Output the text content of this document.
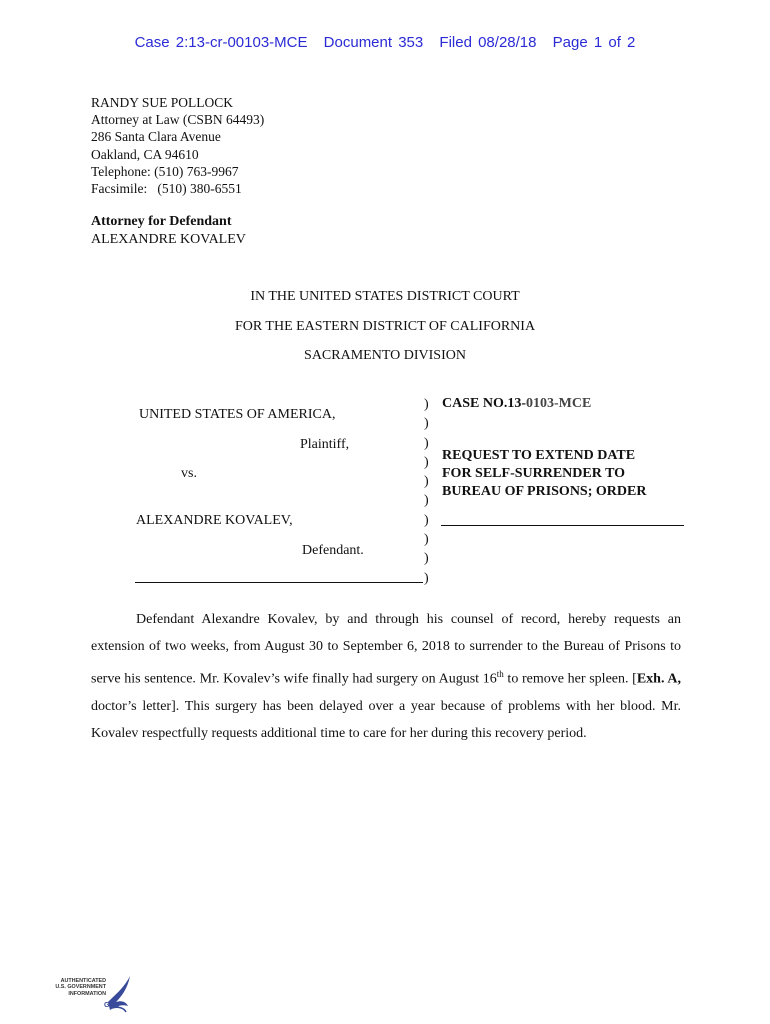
Case 2:13-cr-00103-MCE Document 353 Filed 08/28/18 Page 1 of 2
RANDY SUE POLLOCK
Attorney at Law (CSBN 64493)
286 Santa Clara Avenue
Oakland, CA 94610
Telephone: (510) 763-9967
Facsimile:   (510) 380-6551
Attorney for Defendant
ALEXANDRE KOVALEV
IN THE UNITED STATES DISTRICT COURT
FOR THE EASTERN DISTRICT OF CALIFORNIA
SACRAMENTO DIVISION
UNITED STATES OF AMERICA,
Plaintiff,
vs.
ALEXANDRE KOVALEV,
Defendant.
)
)
)
)
)
)
)
)
)
)
CASE NO.13-0103-MCE
REQUEST TO EXTEND DATE
FOR SELF-SURRENDER TO
BUREAU OF PRISONS; ORDER

Defendant Alexandre Kovalev, by and through his counsel of record, hereby requests an extension of two weeks, from August 30 to September 6, 2018 to surrender to the Bureau of Prisons to serve his sentence. Mr. Kovalev’s wife finally had surgery on August 16th to remove her spleen. [Exh. A, doctor’s letter]. This surgery has been delayed over a year because of problems with her blood. Mr. Kovalev respectfully requests additional time to care for her during this recovery period.

AUTHENTICATED
U.S. GOVERNMENT
INFORMATION
GPO
